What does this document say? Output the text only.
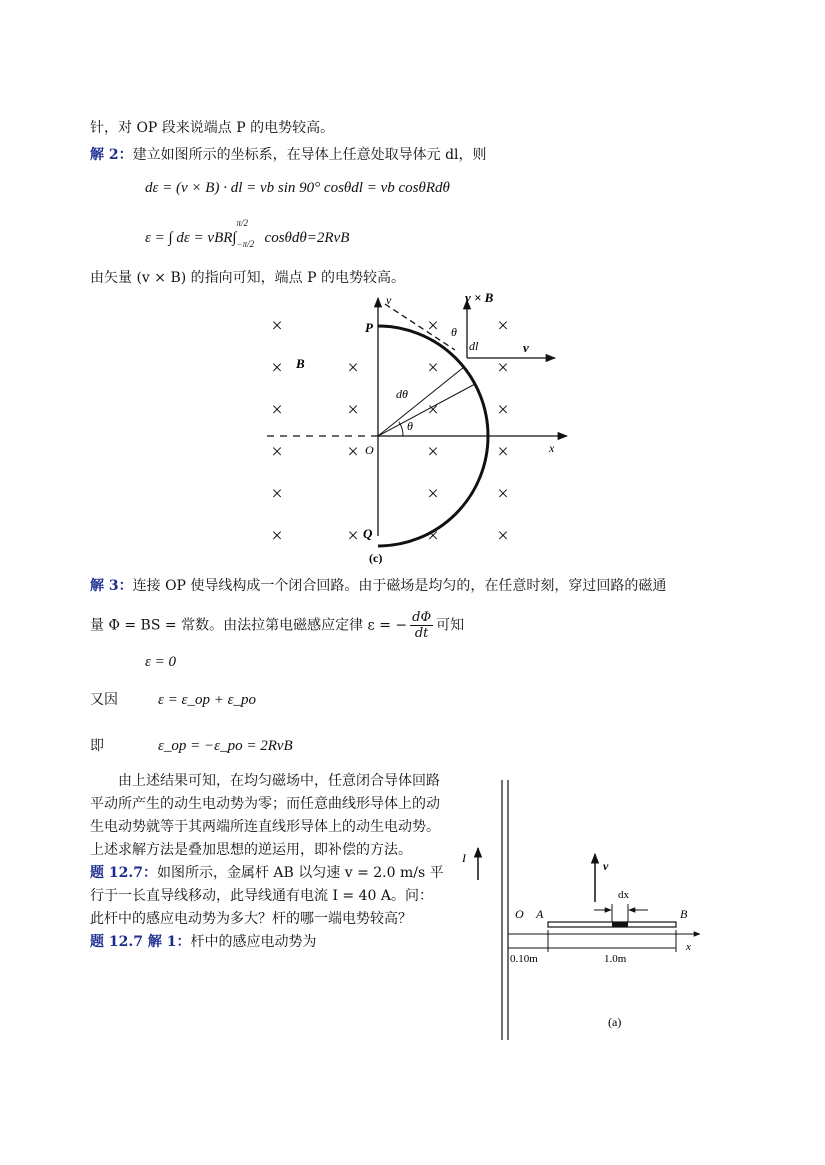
针，对 OP 段来说端点 P 的电势较高。
解 2：建立如图所示的坐标系，在导体上任意处取导体元 dl，则
dε = (v × B) · dl = vb sin 90° cosθdl = vb cosθRdθ
ε = ∫ dε = vBR∫
π/2
−π/2 cosθdθ=2RvB
由矢量 (v × B) 的指向可知，端点 P 的电势较高。
×	×	×
×	×	×	×
×	×	×	×
×	×	×	×
×	×	×
×	×	×	×
v	v × B
P	θ
dl	v
B
dθ
θ
O	x
Q
(c)
解 3：连接 OP 使导线构成一个闭合回路。由于磁场是均匀的，在任意时刻，穿过回路的磁通
量 Φ = BS = 常数。由法拉第电磁感应定律 ε = − $\frac{d\Phi}{dt}$ 可知
ε = 0
又因	ε = ε_op + ε_po
即	ε_op = −ε_po = 2RvB

由上述结果可知，在均匀磁场中，任意闭合导体回路平动所产生的动生电动势为零；而任意曲线形导体上的动生电动势就等于其两端所连直线形导体上的动生电动势。上述求解方法是叠加思想的逆运用，即补偿的方法。

题 12.7：如图所示，金属杆 AB 以匀速 v = 2.0 m/s 平行于一长直导线移动，此导线通有电流 I = 40 A。问：此杆中的感应电动势为多大？杆的哪一端电势较高？

题 12.7 解 1：杆中的感应电动势为

I
v
dx
O A	B
x
0.10m	1.0m
(a)
